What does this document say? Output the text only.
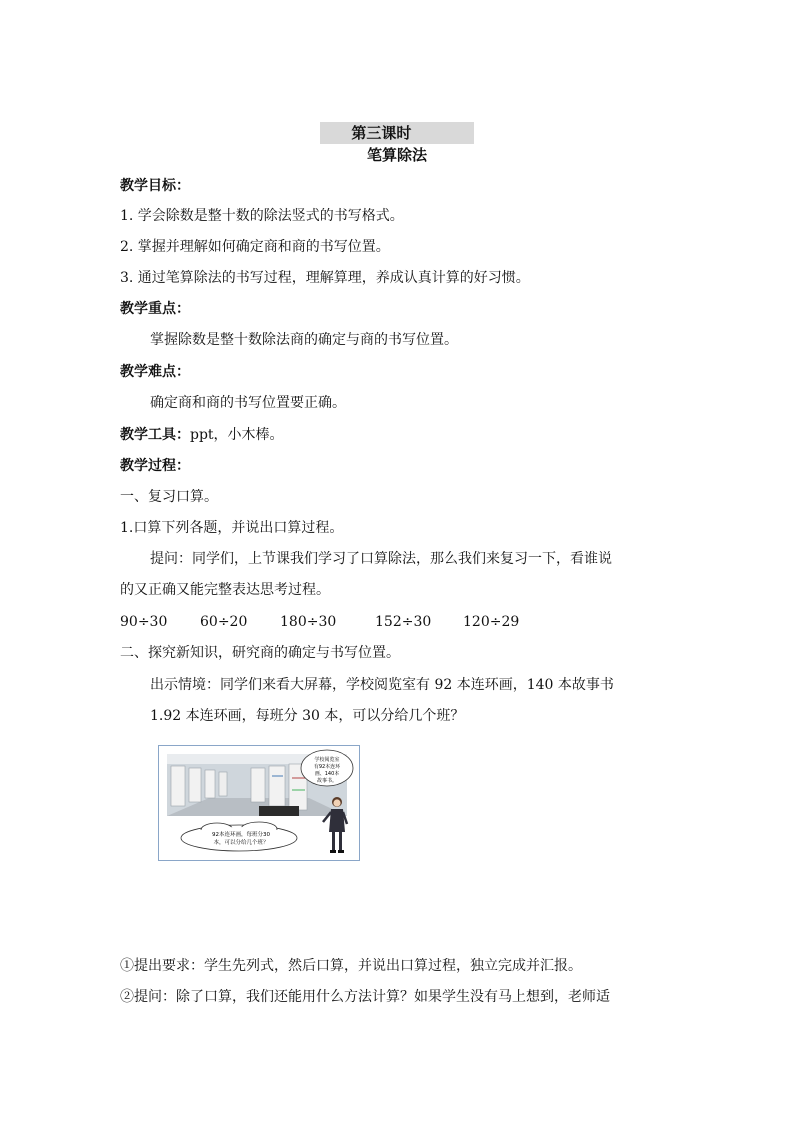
第三课时  笔算除法
教学目标：
1. 学会除数是整十数的除法竖式的书写格式。
2. 掌握并理解如何确定商和商的书写位置。
3. 通过笔算除法的书写过程，理解算理，养成认真计算的好习惯。
教学重点：
掌握除数是整十数除法商的确定与商的书写位置。
教学难点：
确定商和商的书写位置要正确。
教学工具：ppt，小木棒。
教学过程：
一、复习口算。
1.口算下列各题，并说出口算过程。
提问：同学们，上节课我们学习了口算除法，那么我们来复习一下，看谁说
的又正确又能完整表达思考过程。
90÷30 60÷20 180÷30	152÷30 120÷29
二、探究新知识，研究商的确定与书写位置。
出示情境：同学们来看大屏幕，学校阅览室有 92 本连环画，140 本故事书
1.92 本连环画，每班分 30 本，可以分给几个班？
学校阅览室
有92本连环
画、140本
故事书。
92本连环画，每班分30
本，可以分给几个班？
①提出要求：学生先列式，然后口算，并说出口算过程，独立完成并汇报。
②提问：除了口算，我们还能用什么方法计算？如果学生没有马上想到，老师适
